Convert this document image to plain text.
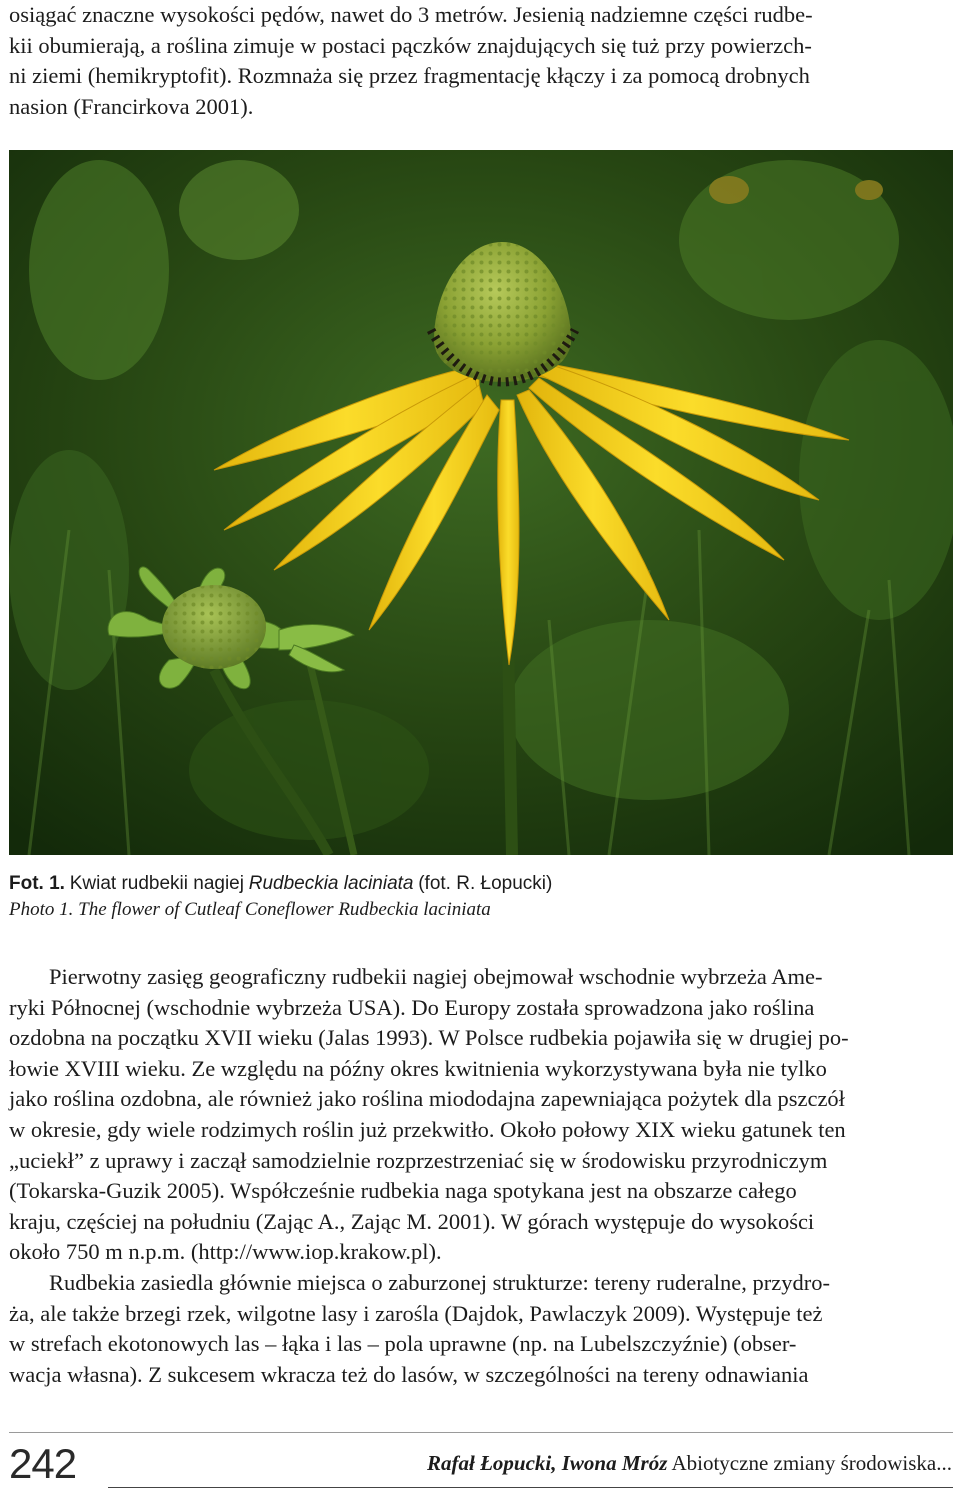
osiągać znaczne wysokości pędów, nawet do 3 metrów. Jesienią nadziemne części rudbe-
kii obumierają, a roślina zimuje w postaci pączków znajdujących się tuż przy powierzch-
ni ziemi (hemikryptofit). Rozmnaża się przez fragmentację kłączy i za pomocą drobnych
nasion (Francirkova 2001).

Fot. 1. Kwiat rudbekii nagiej Rudbeckia laciniata (fot. R. Łopucki)
Photo 1. The flower of Cutleaf Coneflower Rudbeckia laciniata

Pierwotny zasięg geograficzny rudbekii nagiej obejmował wschodnie wybrzeża Ame-
ryki Północnej (wschodnie wybrzeża USA). Do Europy została sprowadzona jako roślina
ozdobna na początku XVII wieku (Jalas 1993). W Polsce rudbekia pojawiła się w drugiej po-
łowie XVIII wieku. Ze względu na późny okres kwitnienia wykorzystywana była nie tylko
jako roślina ozdobna, ale również jako roślina miododajna zapewniająca pożytek dla pszczół
w okresie, gdy wiele rodzimych roślin już przekwitło. Około połowy XIX wieku gatunek ten
„uciekł” z uprawy i zaczął samodzielnie rozprzestrzeniać się w środowisku przyrodniczym
(Tokarska-Guzik 2005). Współcześnie rudbekia naga spotykana jest na obszarze całego
kraju, częściej na południu (Zając A., Zając M. 2001). W górach występuje do wysokości
około 750 m n.p.m. (http://www.iop.krakow.pl).

Rudbekia zasiedla głównie miejsca o zaburzonej strukturze: tereny ruderalne, przydro-
ża, ale także brzegi rzek, wilgotne lasy i zarośla (Dajdok, Pawlaczyk 2009). Występuje też
w strefach ekotonowych las – łąka i las – pola uprawne (np. na Lubelszczyźnie) (obser-
wacja własna). Z sukcesem wkracza też do lasów, w szczególności na tereny odnawiania

242	Rafał Łopucki, Iwona Mróz Abiotyczne zmiany środowiska...
